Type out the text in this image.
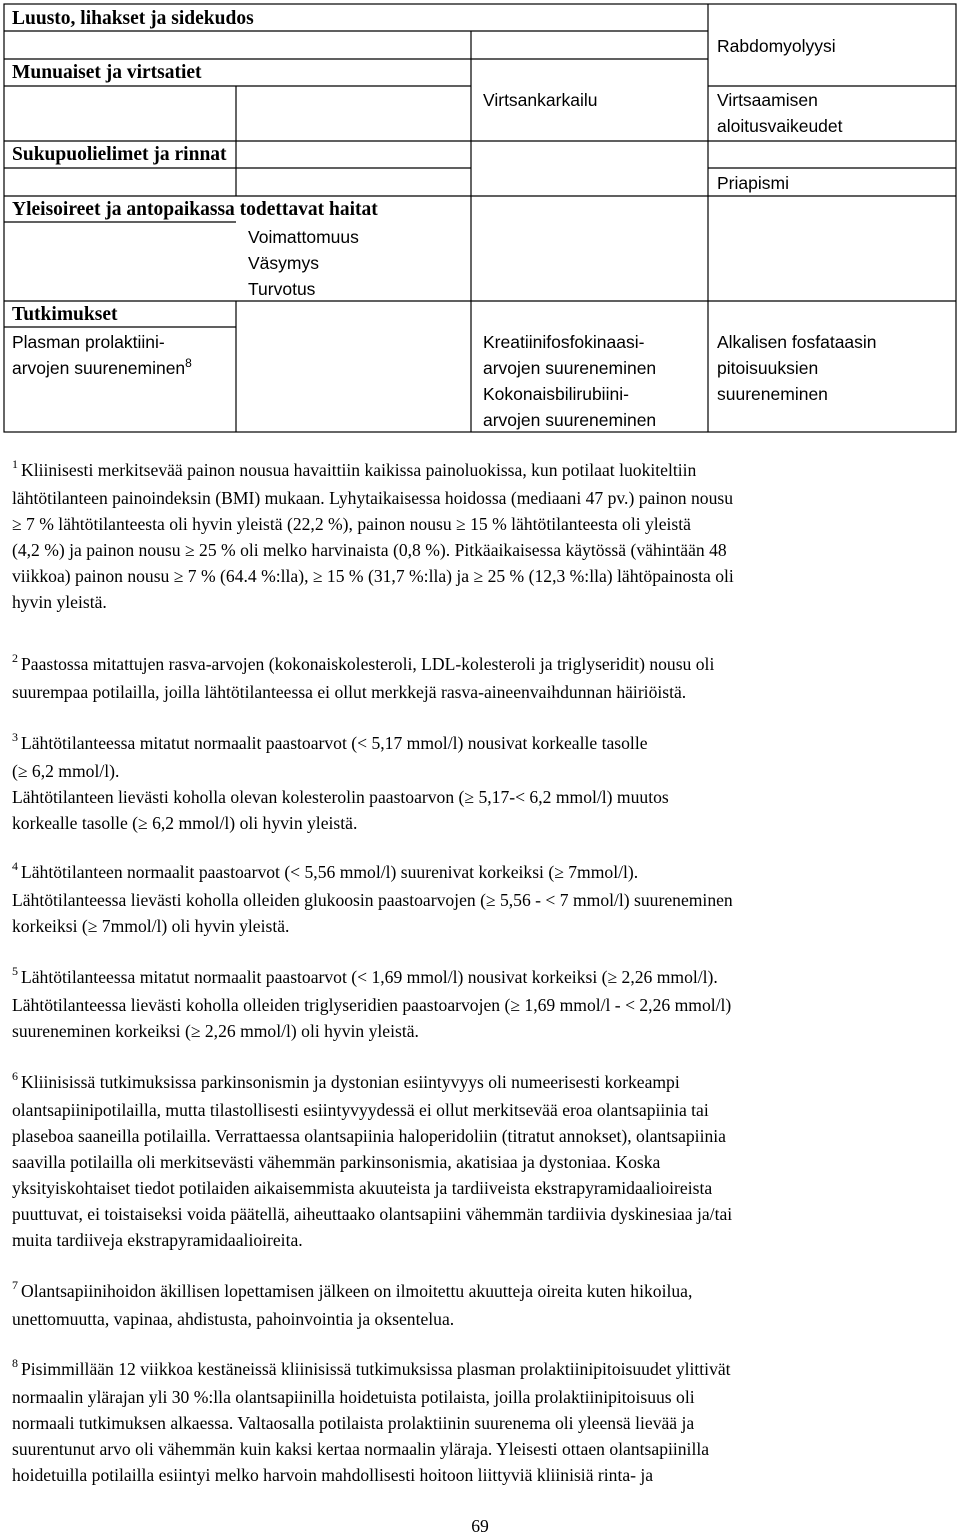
Luusto, lihakset ja sidekudos
Rabdomyolyysi
Munuaiset ja virtsatiet
Virtsankarkailu	Virtsaamisen
aloitusvaikeudet
Sukupuolielimet ja rinnat
Priapismi
Yleisoireet ja antopaikassa todettavat haitat
Voimattomuus
Väsymys
Turvotus
Tutkimukset
Plasman prolaktiini-
arvojen suureneminen$^8$
Kreatiinifosfokinaasi-
arvojen suureneminen
Kokonaisbilirubiini-
arvojen suureneminen
Alkalisen fosfataasin
pitoisuuksien
suureneminen
$^1$ Kliinisesti merkitsevää painon nousua havaittiin kaikissa painoluokissa, kun potilaat luokiteltiin
lähtötilanteen painoindeksin (BMI) mukaan. Lyhytaikaisessa hoidossa (mediaani 47 pv.) painon nousu
≥ 7 % lähtötilanteesta oli hyvin yleistä (22,2 %), painon nousu ≥ 15 % lähtötilanteesta oli yleistä
(4,2 %) ja painon nousu ≥ 25 % oli melko harvinaista (0,8 %). Pitkäaikaisessa käytössä (vähintään 48
viikkoa) painon nousu ≥ 7 % (64.4 %:lla), ≥ 15 % (31,7 %:lla) ja ≥ 25 % (12,3 %:lla) lähtöpainosta oli
hyvin yleistä.
$^2$ Paastossa mitattujen rasva-arvojen (kokonaiskolesteroli, LDL-kolesteroli ja triglyseridit) nousu oli
suurempaa potilailla, joilla lähtötilanteessa ei ollut merkkejä rasva-aineenvaihdunnan häiriöistä.
$^3$ Lähtötilanteessa mitatut normaalit paastoarvot (< 5,17 mmol/l) nousivat korkealle tasolle
(≥ 6,2 mmol/l).
Lähtötilanteen lievästi koholla olevan kolesterolin paastoarvon (≥ 5,17-< 6,2 mmol/l) muutos
korkealle tasolle (≥ 6,2 mmol/l) oli hyvin yleistä.
$^4$ Lähtötilanteen normaalit paastoarvot (< 5,56 mmol/l) suurenivat korkeiksi (≥ 7mmol/l).
Lähtötilanteessa lievästi koholla olleiden glukoosin paastoarvojen (≥ 5,56 - < 7 mmol/l) suureneminen
korkeiksi (≥ 7mmol/l) oli hyvin yleistä.
$^5$ Lähtötilanteessa mitatut normaalit paastoarvot (< 1,69 mmol/l) nousivat korkeiksi (≥ 2,26 mmol/l).
Lähtötilanteessa lievästi koholla olleiden triglyseridien paastoarvojen (≥ 1,69 mmol/l - < 2,26 mmol/l)
suureneminen korkeiksi (≥ 2,26 mmol/l) oli hyvin yleistä.
$^6$ Kliinisissä tutkimuksissa parkinsonismin ja dystonian esiintyvyys oli numeerisesti korkeampi
olantsapiinipotilailla, mutta tilastollisesti esiintyvyydessä ei ollut merkitsevää eroa olantsapiinia tai
plaseboa saaneilla potilailla. Verrattaessa olantsapiinia haloperidoliin (titratut annokset), olantsapiinia
saavilla potilailla oli merkitsevästi vähemmän parkinsonismia, akatisiaa ja dystoniaa. Koska
yksityiskohtaiset tiedot potilaiden aikaisemmista akuuteista ja tardiiveista ekstrapyramidaalioireista
puuttuvat, ei toistaiseksi voida päätellä, aiheuttaako olantsapiini vähemmän tardiivia dyskinesiaa ja/tai
muita tardiiveja ekstrapyramidaalioireita.
$^7$ Olantsapiinihoidon äkillisen lopettamisen jälkeen on ilmoitettu akuutteja oireita kuten hikoilua,
unettomuutta, vapinaa, ahdistusta, pahoinvointia ja oksentelua.
$^8$ Pisimmillään 12 viikkoa kestäneissä kliinisissä tutkimuksissa plasman prolaktiinipitoisuudet ylittivät
normaalin ylärajan yli 30 %:lla olantsapiinilla hoidetuista potilaista, joilla prolaktiinipitoisuus oli
normaali tutkimuksen alkaessa. Valtaosalla potilaista prolaktiinin suurenema oli yleensä lievää ja
suurentunut arvo oli vähemmän kuin kaksi kertaa normaalin yläraja. Yleisesti ottaen olantsapiinilla
hoidetuilla potilailla esiintyi melko harvoin mahdollisesti hoitoon liittyviä kliinisiä rinta- ja
69
